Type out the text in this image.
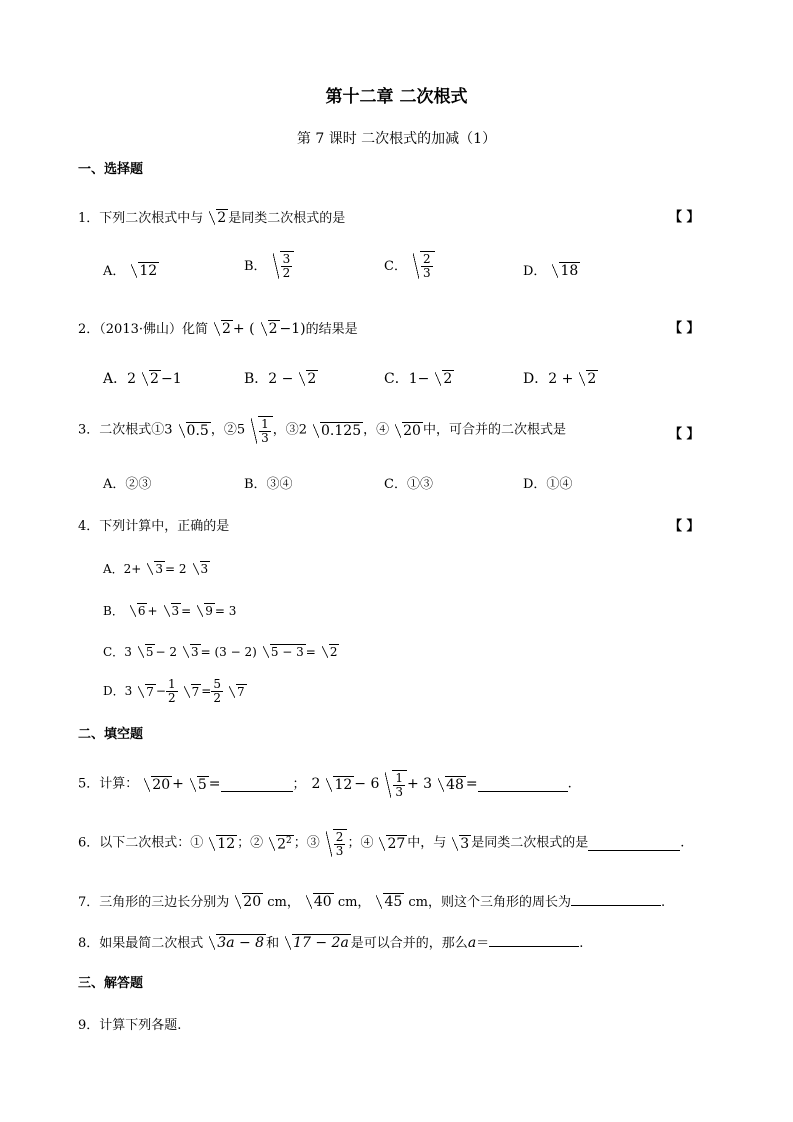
第十二章 二次根式
第 7 课时 二次根式的加减（1）
一、选择题
1．下列二次根式中与 2 是同类二次根式的是	【 】
A． 12	B． $\frac{3}{2}$	C． $\frac{2}{3}$	D． 18
2．（2013·佛山）化简 2 + ( 2 −1)的结果是	【 】
A．2 2 −1	B．2 − 2	C．1− 2	D．2 + 2
3．二次根式①3 0.5 ，②5 $\frac{1}{3}$ ，③2 0.125 ，④ 20 中，可合并的二次根式是	【 】
A．②③	B．③④	C．①③	D．①④
4．下列计算中，正确的是	【 】
A．2+ 3 = 2 3
B． 6 + 3 = 9 = 3
C．3 5 − 2 3 = (3 − 2) 5 − 3 = 2
D．3 $7 - \frac{1}{2} 7 = \frac{5}{2} 7$
二、填空题
5．计算： 20 + 5 =	； 2 $12 - 6 \frac{1}{3} + 3$ 48 =	.
6．以下二次根式：① 12 ；② $2^2$ ；③ $\frac{2}{3}$ ；④ 27 中，与 3 是同类二次根式的是	.
7．三角形的三边长分别为 20 cm， 40 cm， 45 cm，则这个三角形的周长为	.
8．如果最简二次根式 3a − 8 和 17 − 2a 是可以合并的，那么a＝	.
三、解答题
9．计算下列各题.
